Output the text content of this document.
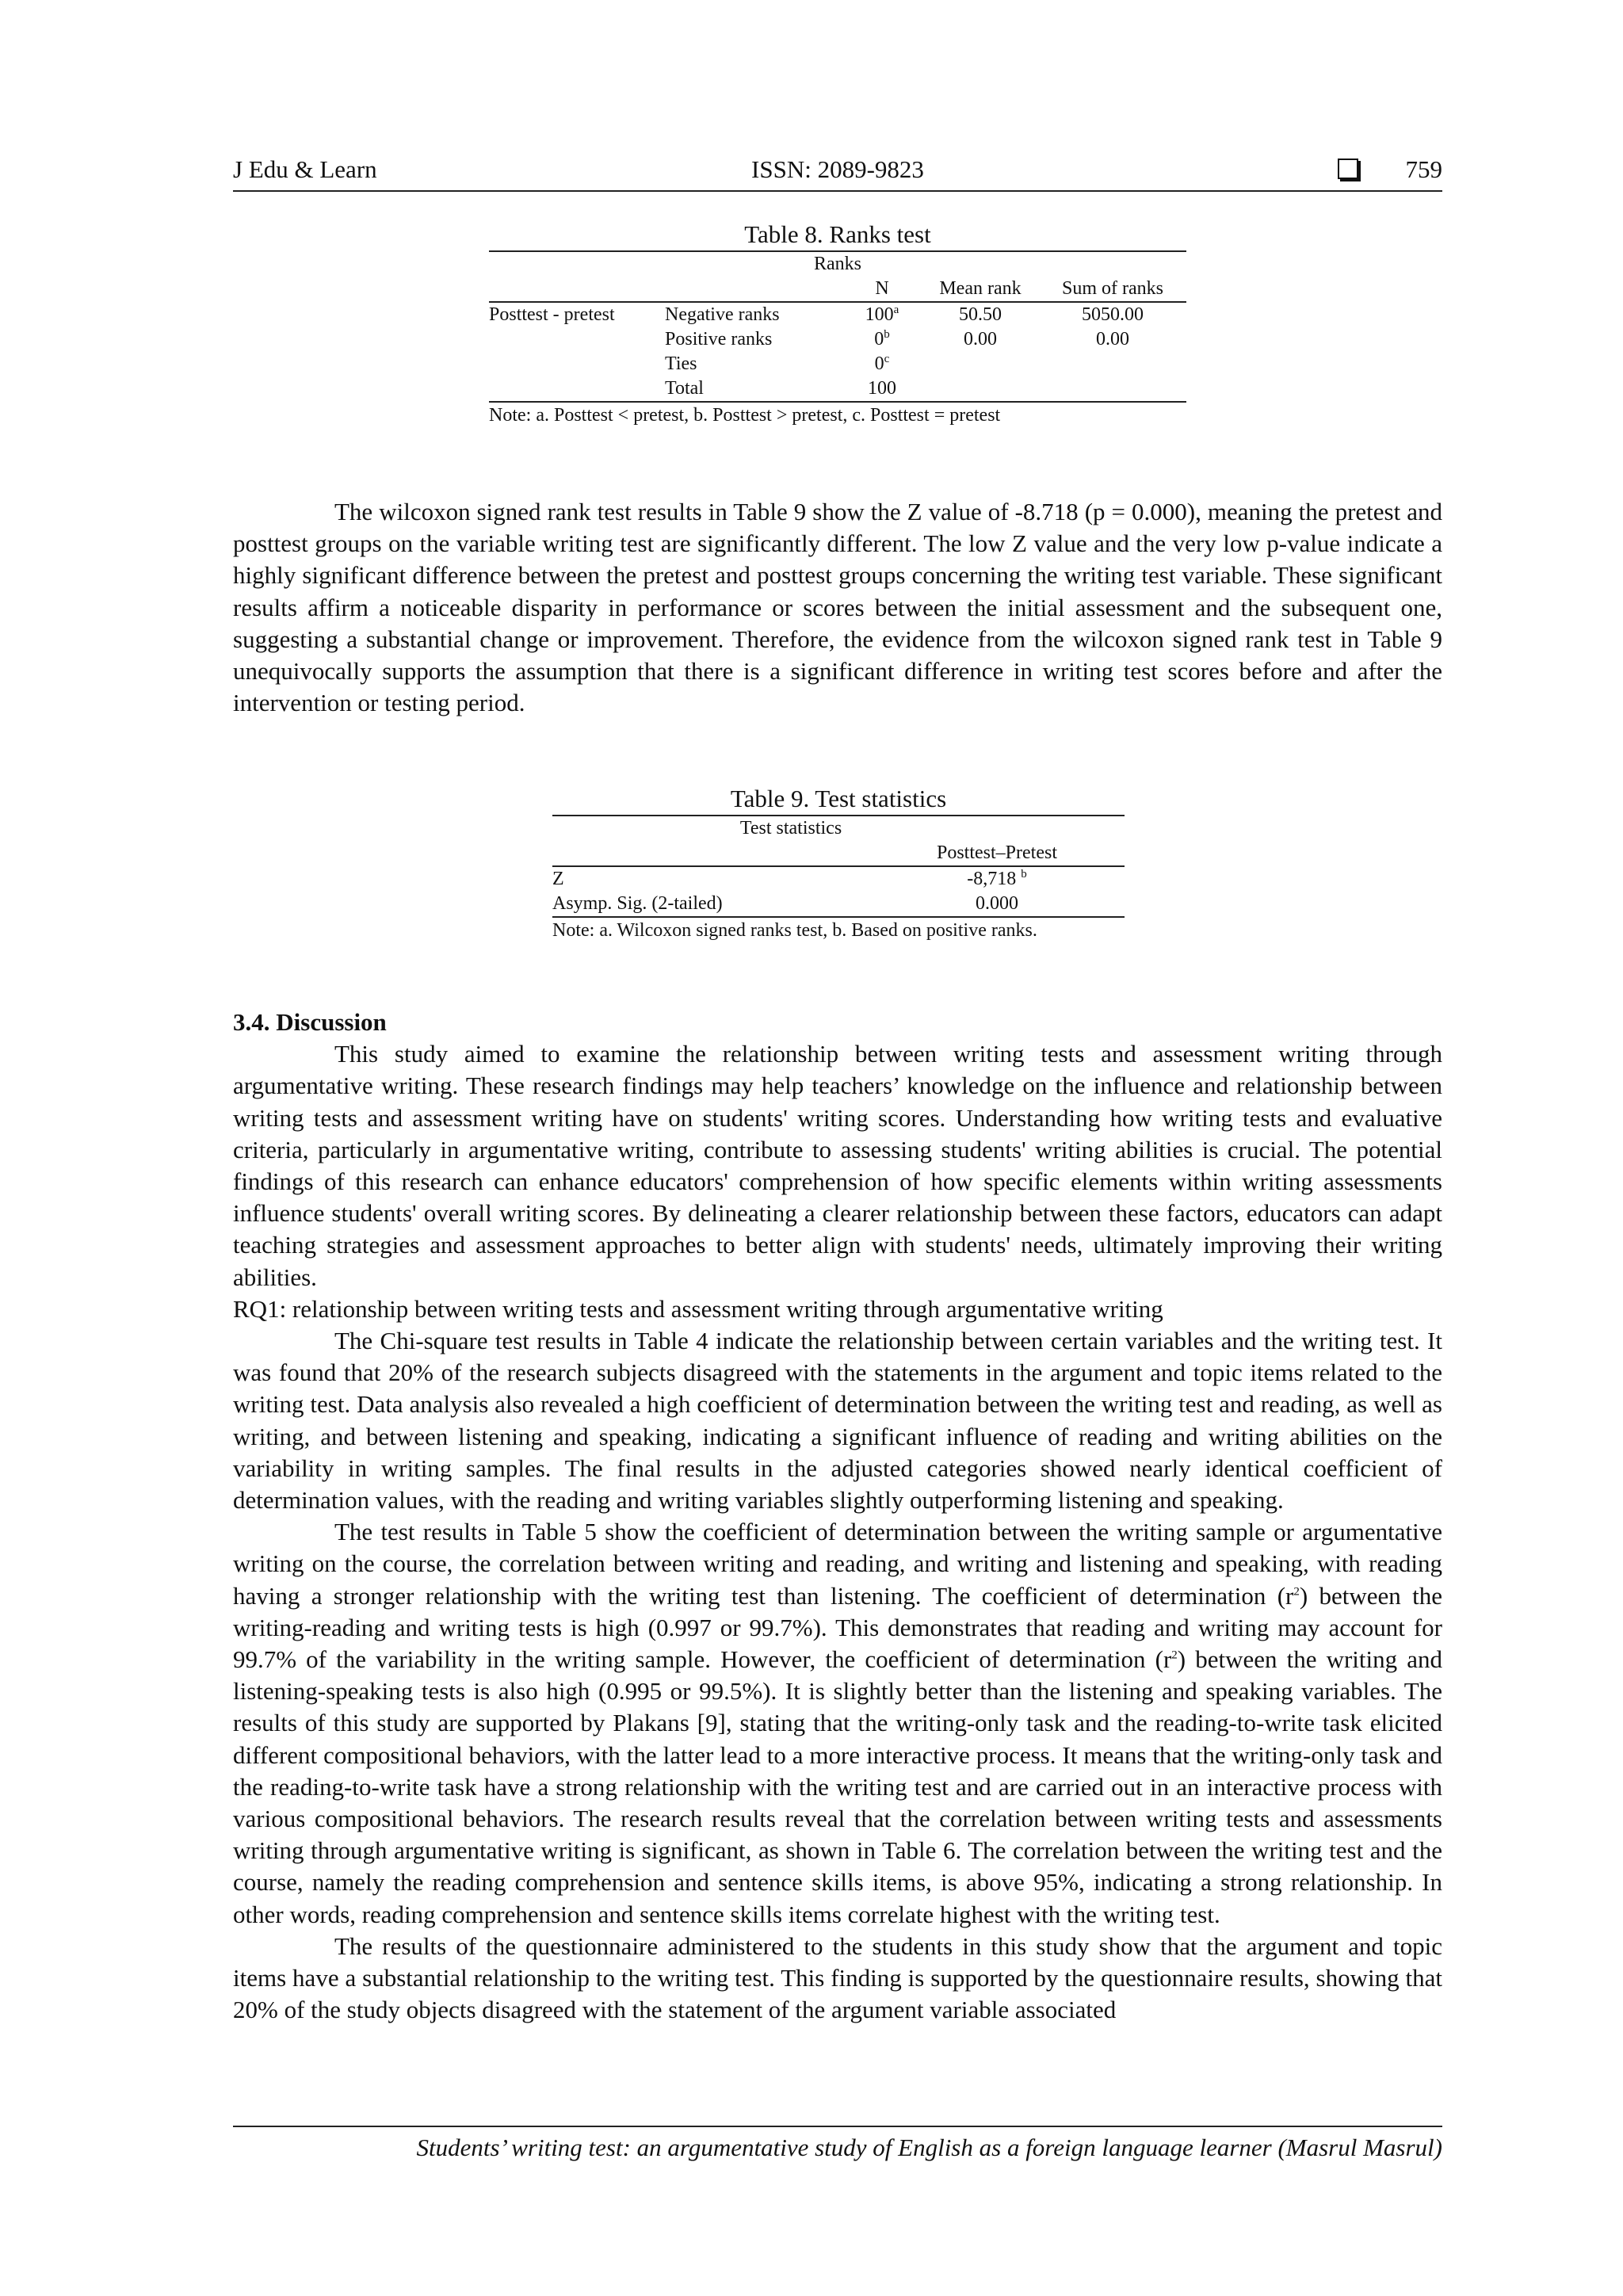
J Edu & Learn	ISSN: 2089-9823	759
Table 8. Ranks test
Ranks				
		N	Mean rank	Sum of ranks
Posttest - pretest	Negative ranks	100$^a$	50.50	5050.00
	Positive ranks	0$^b$	0.00	0.00
	Ties	0$^c$		
	Total	100		
Note: a. Posttest < pretest, b. Posttest > pretest, c. Posttest = pretest

The wilcoxon signed rank test results in Table 9 show the Z value of -8.718 (p = 0.000), meaning the pretest and posttest groups on the variable writing test are significantly different. The low Z value and the very low p-value indicate a highly significant difference between the pretest and posttest groups concerning the writing test variable. These significant results affirm a noticeable disparity in performance or scores between the initial assessment and the subsequent one, suggesting a substantial change or improvement. Therefore, the evidence from the wilcoxon signed rank test in Table 9 unequivocally supports the assumption that there is a significant difference in writing test scores before and after the intervention or testing period.

Table 9. Test statistics
Test statistics	
	Posttest–Pretest
Z	-8,718 $^b$
Asymp. Sig. (2-tailed)	0.000
Note: a. Wilcoxon signed ranks test, b. Based on positive ranks.

3.4. Discussion

This study aimed to examine the relationship between writing tests and assessment writing through argumentative writing. These research findings may help teachers’ knowledge on the influence and relationship between writing tests and assessment writing have on students' writing scores. Understanding how writing tests and evaluative criteria, particularly in argumentative writing, contribute to assessing students' writing abilities is crucial. The potential findings of this research can enhance educators' comprehension of how specific elements within writing assessments influence students' overall writing scores. By delineating a clearer relationship between these factors, educators can adapt teaching strategies and assessment approaches to better align with students' needs, ultimately improving their writing abilities.

RQ1: relationship between writing tests and assessment writing through argumentative writing

The Chi-square test results in Table 4 indicate the relationship between certain variables and the writing test. It was found that 20% of the research subjects disagreed with the statements in the argument and topic items related to the writing test. Data analysis also revealed a high coefficient of determination between the writing test and reading, as well as writing, and between listening and speaking, indicating a significant influence of reading and writing abilities on the variability in writing samples. The final results in the adjusted categories showed nearly identical coefficient of determination values, with the reading and writing variables slightly outperforming listening and speaking.

The test results in Table 5 show the coefficient of determination between the writing sample or argumentative writing on the course, the correlation between writing and reading, and writing and listening and speaking, with reading having a stronger relationship with the writing test than listening. The coefficient of determination $(r^2)$ between the writing-reading and writing tests is high (0.997 or 99.7%). This demonstrates that reading and writing may account for 99.7% of the variability in the writing sample. However, the coefficient of determination $(r^2)$ between the writing and listening-speaking tests is also high (0.995 or 99.5%). It is slightly better than the listening and speaking variables. The results of this study are supported by Plakans [9], stating that the writing-only task and the reading-to-write task elicited different compositional behaviors, with the latter lead to a more interactive process. It means that the writing-only task and the reading-to-write task have a strong relationship with the writing test and are carried out in an interactive process with various compositional behaviors. The research results reveal that the correlation between writing tests and assessments writing through argumentative writing is significant, as shown in Table 6. The correlation between the writing test and the course, namely the reading comprehension and sentence skills items, is above 95%, indicating a strong relationship. In other words, reading comprehension and sentence skills items correlate highest with the writing test.

The results of the questionnaire administered to the students in this study show that the argument and topic items have a substantial relationship to the writing test. This finding is supported by the questionnaire results, showing that 20% of the study objects disagreed with the statement of the argument variable associated

Students’ writing test: an argumentative study of English as a foreign language learner (Masrul Masrul)
